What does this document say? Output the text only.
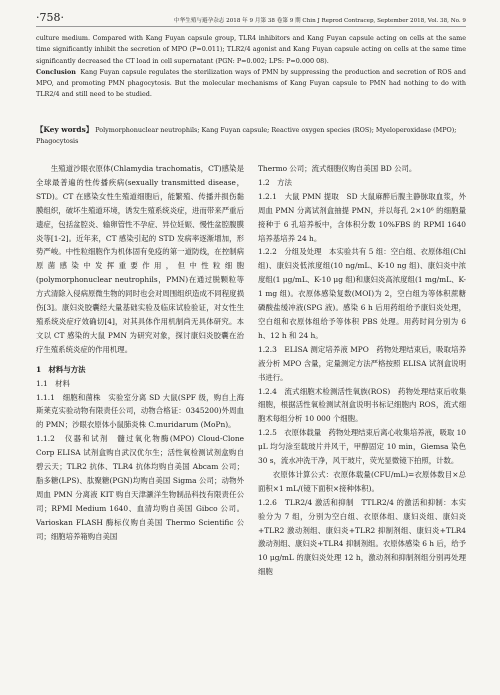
·758·	中华生殖与避孕杂志 2018 年 9 月第 38 卷第 9 期 Chin J Reprod Contracep, September 2018, Vol. 38, No. 9

culture medium. Compared with Kang Fuyan capsule group, TLR4 inhibitors and Kang Fuyan capsule acting on cells at the same time significantly inhibit the secretion of MPO (P=0.011); TLR2/4 agonist and Kang Fuyan capsule acting on cells at the same time significantly decreased the CT load in cell supernatant (PGN: P=0.002; LPS: P=0.000 08).

Conclusion Kang Fuyan capsule regulates the sterilization ways of PMN by suppressing the production and secretion of ROS and MPO, and promoting PMN phagocytosis. But the molecular mechanisms of Kang Fuyan capsule to PMN had nothing to do with TLR2/4 and still need to be studied.

【Key words】 Polymorphonuclear neutrophils; Kang Fuyan capsule; Reactive oxygen species (ROS); Myeloperoxidase (MPO); Phagocytosis

生殖道沙眼衣原体(Chlamydia trachomatis，CT)感染是全球最普遍的性传播疾病(sexually transmitted disease，STD)。CT 在感染女性生殖道细胞后，能繁殖、传播并损伤黏膜组织，破坏生殖道环境，诱发生殖系统炎症，进而带来严重后遗症，包括盆腔炎、输卵管性不孕症、异位妊娠、慢性盆腔腹膜炎等[1-2]。近年来，CT 感染引起的 STD 发病率逐渐增加，形势严峻。中性粒细胞作为机体固有免疫的第一道防线，在控制病原菌感染中发挥重要作用，但中性粒细胞(polymorphonuclear neutrophils，PMN)在通过脱颗粒等方式清除入侵病原微生物的同时也会对周围组织造成不同程度损伤[3]。康妇炎胶囊经大量基础实验及临床试验验证，对女性生殖系统炎症疗效确切[4]，对其具体作用机制尚无具体研究。本文以 CT 感染的大鼠 PMN 为研究对象，探讨康妇炎胶囊在治疗生殖系统炎症的作用机理。

1　材料与方法

1.1　材料

1.1.1　细胞和菌株　实验室分离 SD 大鼠(SPF 级，购自上海斯莱克实验动物有限责任公司，动物合格证：0345200)外周血的 PMN；沙眼衣原体小鼠肺炎株 C.muridarum (MoPn)。

1.1.2　仪器和试剂　髓过氧化物酶(MPO) Cloud-Clone Corp ELISA 试剂盒购自武汉优尔生；活性氧检测试剂盒购自碧云天；TLR2 抗体、TLR4 抗体均购自美国 Abcam 公司；脂多糖(LPS)、肽聚糖(PGN)均购自美国 Sigma 公司；动物外周血 PMN 分离液 KIT 购自天津灏洋生物制品科技有限责任公司；RPMI Medium 1640、血清均购自美国 Gibco 公司。Varioskan FLASH 酶标仪购自美国 Thermo Scientific 公司；细胞培养箱购自美国

Thermo 公司；流式细胞仪购自美国 BD 公司。

1.2　方法

1.2.1　大鼠 PMN 提取　SD 大鼠麻醉后腹主静脉取血浆，外周血 PMN 分离试剂盒抽提 PMN，并以每孔 2×10⁶ 的细胞量接种于 6 孔培养板中，含体积分数 10%FBS 的 RPMI 1640 培养基培养 24 h。

1.2.2　分组及处理　本实验共有 5 组：空白组、衣原体组(Chl 组)、康妇炎低浓度组(10 ng/mL、K-10 ng 组)、康妇炎中浓度组(1 μg/mL、K-10 μg 组)和康妇炎高浓度组(1 mg/mL、K-1 mg 组)。衣原体感染复数(MOI)为 2，空白组为等体积蔗糖磷酸盐缓冲液(SPG 液)。感染 6 h 后用药组给予康妇炎处理，空白组和衣原体组给予等体积 PBS 处理。用药时间分别为 6 h、12 h 和 24 h。

1.2.3　ELISA 测定培养液 MPO　药物处理结束后，吸取培养液分析 MPO 含量，定量测定方法严格按照 ELISA 试剂盒说明书进行。

1.2.4　流式细胞术检测活性氧族(ROS)　药物处理结束后收集细胞，根据活性氧检测试剂盒说明书标记细胞内 ROS，流式细胞术每组分析 10 000 个细胞。

1.2.5　衣原体载量　药物处理结束后离心收集培养液，吸取 10 μL 均匀涂至载玻片并风干，甲醇固定 10 min，Giemsa 染色 30 s，流水冲洗干净，风干玻片，荧光显微镜下拍照，计数。

衣原体计算公式：衣原体载量(CFU/mL)=衣原体数目×总面积×1 mL/(镜下面积×接种体积)。

1.2.6　TLR2/4 激活和抑制　TTLR2/4 的激活和抑制：本实验分为 7 组，分别为空白组、衣原体组、康妇炎组、康妇炎+TLR2 激动剂组、康妇炎+TLR2 抑制剂组、康妇炎+TLR4 激动剂组、康妇炎+TLR4 抑制剂组。衣原体感染 6 h 后，给予 10 μg/mL 的康妇炎处理 12 h，激动剂和抑制剂组分别再处理细胞
